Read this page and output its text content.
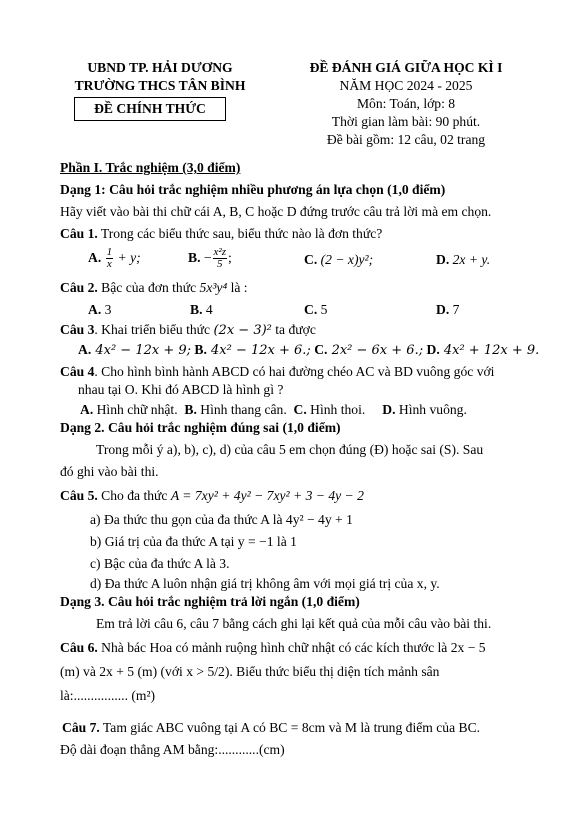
UBND TP. HẢI DƯƠNG
TRƯỜNG THCS TÂN BÌNH
ĐỀ CHÍNH THỨC
ĐỀ ĐÁNH GIÁ GIỮA HỌC KÌ I
NĂM HỌC 2024 - 2025
Môn: Toán, lớp: 8
Thời gian làm bài: 90 phút.
Đề bài gồm: 12 câu, 02 trang
Phần I. Trắc nghiệm (3,0 điểm)
Dạng 1: Câu hỏi trắc nghiệm nhiều phương án lựa chọn (1,0 điểm)
Hãy viết vào bài thi chữ cái A, B, C hoặc D đứng trước câu trả lời mà em chọn.
Câu 1. Trong các biểu thức sau, biểu thức nào là đơn thức?
A. $\frac{1}{x} + y$;	B. − $\frac{\text{x²z}}{5}$ ;	C. (2 − x)y²;	D. 2x + y.
Câu 2. Bậc của đơn thức 5x³y⁴ là :
A. 3	B. 4	C. 5	D. 7
Câu 3. Khai triển biểu thức (2x − 3)² ta được
A. 4x² − 12x + 9; B. 4x² − 12x + 6.; C. 2x² − 6x + 6.; D. 4x² + 12x + 9.
Câu 4. Cho hình bình hành ABCD có hai đường chéo AC và BD vuông góc với
nhau tại O. Khi đó ABCD là hình gì ?
A. Hình chữ nhật. B. Hình thang cân. C. Hình thoi. D. Hình vuông.
Dạng 2. Câu hỏi trắc nghiệm đúng sai (1,0 điểm)
Trong mỗi ý a), b), c), d) của câu 5 em chọn đúng (Đ) hoặc sai (S). Sau
đó ghi vào bài thi.
Câu 5. Cho đa thức A = 7xy² + 4y² − 7xy² + 3 − 4y − 2
a) Đa thức thu gọn của đa thức A là 4y² − 4y + 1
b) Giá trị của đa thức A tại y = −1 là 1
c) Bậc của đa thức A là 3.
d) Đa thức A luôn nhận giá trị không âm với mọi giá trị của x, y.
Dạng 3. Câu hỏi trắc nghiệm trả lời ngắn (1,0 điểm)
Em trả lời câu 6, câu 7 bằng cách ghi lại kết quả của mỗi câu vào bài thi.
Câu 6. Nhà bác Hoa có mảnh ruộng hình chữ nhật có các kích thước là 2x − 5
(m) và 2x + 5 (m) (với x > 5/2). Biểu thức biểu thị diện tích mảnh sân
là:................ (m²)
Câu 7. Tam giác ABC vuông tại A có BC = 8cm và M là trung điểm của BC.
Độ dài đoạn thẳng AM bằng:............(cm)
